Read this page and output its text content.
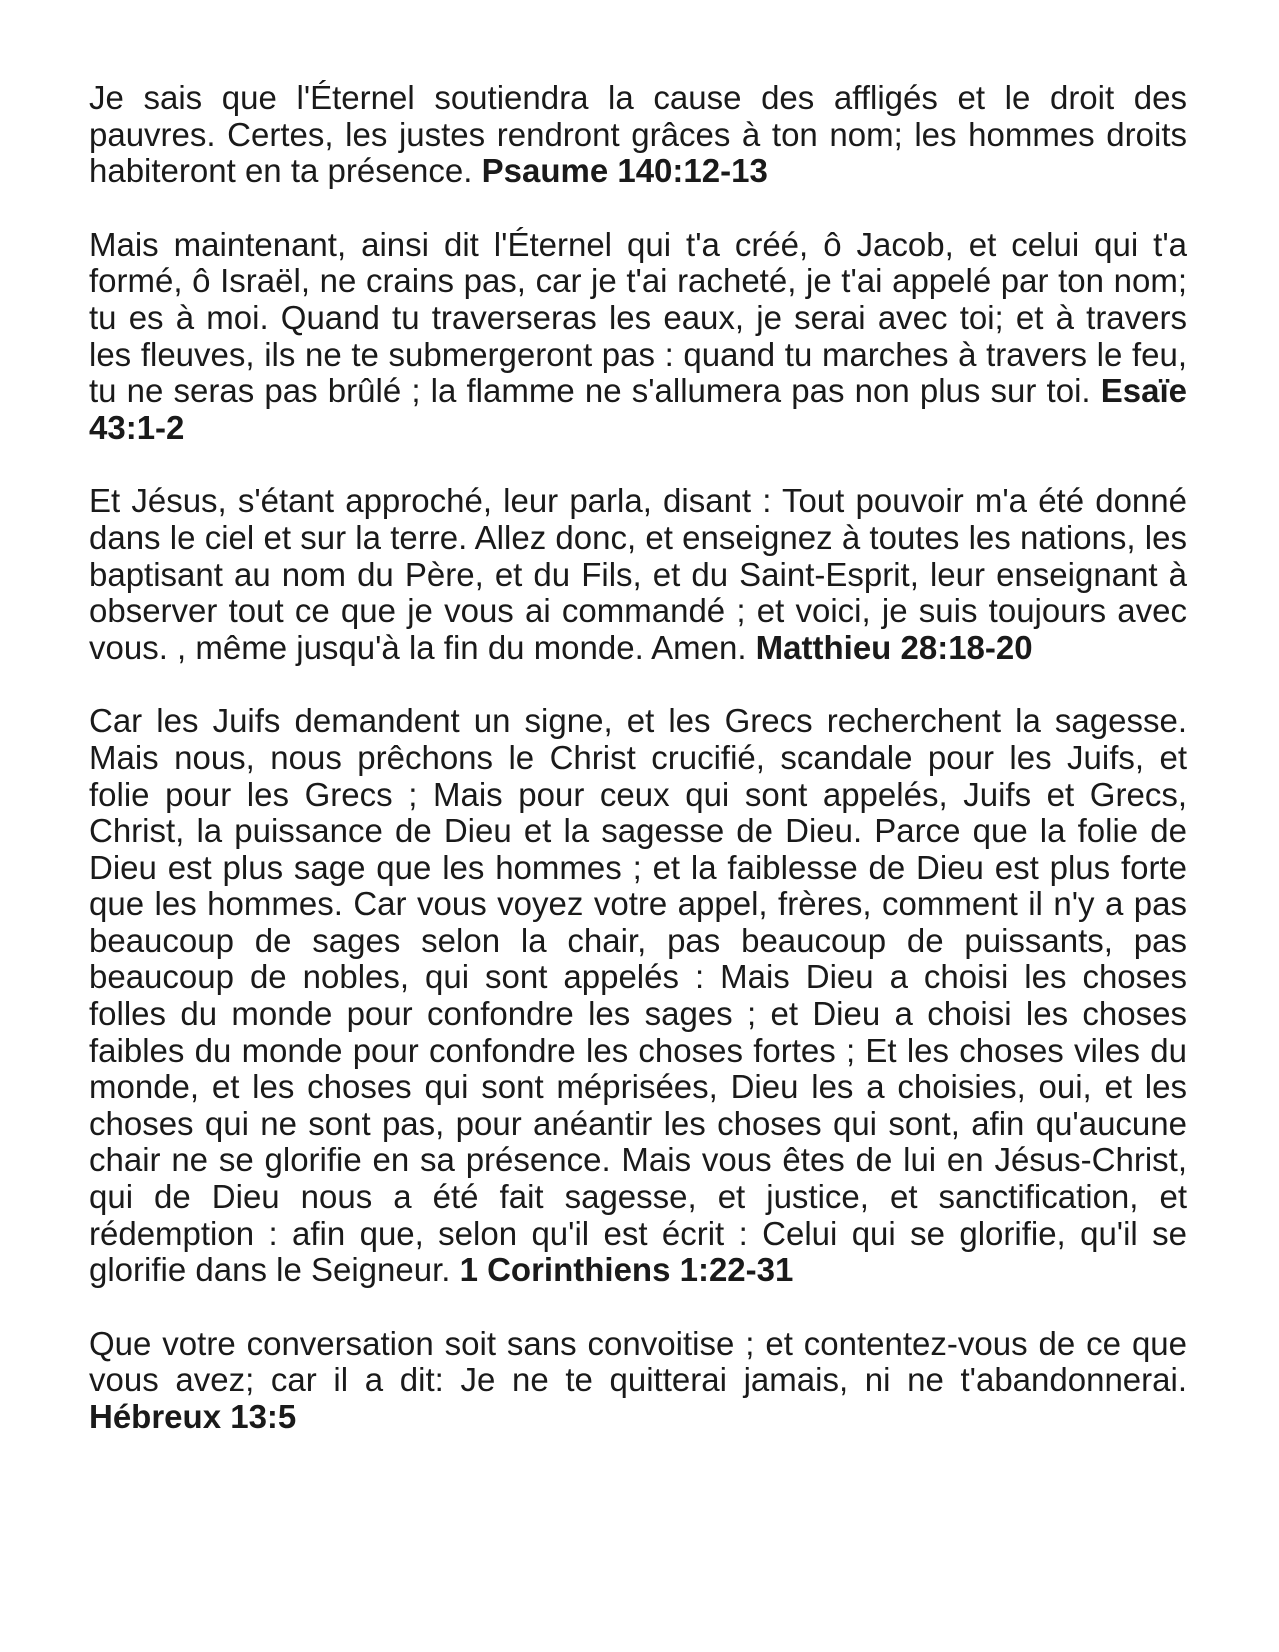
Je sais que l'Éternel soutiendra la cause des affligés et le droit des pauvres. Certes, les justes rendront grâces à ton nom; les hommes droits habiteront en ta présence. Psaume 140:12-13

Mais maintenant, ainsi dit l'Éternel qui t'a créé, ô Jacob, et celui qui t'a formé, ô Israël, ne crains pas, car je t'ai racheté, je t'ai appelé par ton nom; tu es à moi. Quand tu traverseras les eaux, je serai avec toi; et à travers les fleuves, ils ne te submergeront pas : quand tu marches à travers le feu, tu ne seras pas brûlé ; la flamme ne s'allumera pas non plus sur toi. Esaïe 43:1-2

Et Jésus, s'étant approché, leur parla, disant : Tout pouvoir m'a été donné dans le ciel et sur la terre. Allez donc, et enseignez à toutes les nations, les baptisant au nom du Père, et du Fils, et du Saint-Esprit, leur enseignant à observer tout ce que je vous ai commandé ; et voici, je suis toujours avec vous. , même jusqu'à la fin du monde. Amen. Matthieu 28:18-20

Car les Juifs demandent un signe, et les Grecs recherchent la sagesse. Mais nous, nous prêchons le Christ crucifié, scandale pour les Juifs, et folie pour les Grecs ; Mais pour ceux qui sont appelés, Juifs et Grecs, Christ, la puissance de Dieu et la sagesse de Dieu. Parce que la folie de Dieu est plus sage que les hommes ; et la faiblesse de Dieu est plus forte que les hommes. Car vous voyez votre appel, frères, comment il n'y a pas beaucoup de sages selon la chair, pas beaucoup de puissants, pas beaucoup de nobles, qui sont appelés : Mais Dieu a choisi les choses folles du monde pour confondre les sages ; et Dieu a choisi les choses faibles du monde pour confondre les choses fortes ; Et les choses viles du monde, et les choses qui sont méprisées, Dieu les a choisies, oui, et les choses qui ne sont pas, pour anéantir les choses qui sont, afin qu'aucune chair ne se glorifie en sa présence. Mais vous êtes de lui en Jésus-Christ, qui de Dieu nous a été fait sagesse, et justice, et sanctification, et rédemption : afin que, selon qu'il est écrit : Celui qui se glorifie, qu'il se glorifie dans le Seigneur. 1 Corinthiens 1:22-31

Que votre conversation soit sans convoitise ; et contentez-vous de ce que vous avez; car il a dit: Je ne te quitterai jamais, ni ne t'abandonnerai. Hébreux 13:5
